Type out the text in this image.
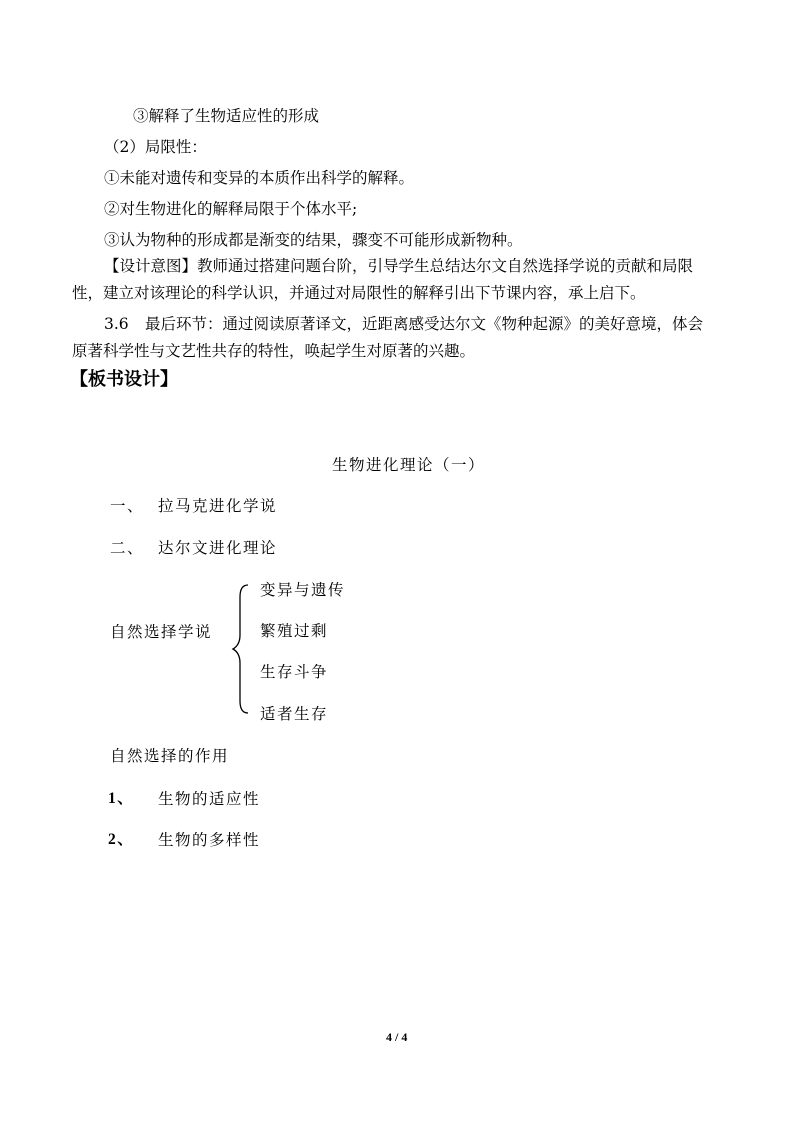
③解释了生物适应性的形成
（2）局限性：
①未能对遗传和变异的本质作出科学的解释。
②对生物进化的解释局限于个体水平;
③认为物种的形成都是渐变的结果，骤变不可能形成新物种。
【设计意图】教师通过搭建问题台阶，引导学生总结达尔文自然选择学说的贡献和局限
性，建立对该理论的科学认识，并通过对局限性的解释引出下节课内容，承上启下。
3.6 最后环节：通过阅读原著译文，近距离感受达尔文《物种起源》的美好意境，体会
原著科学性与文艺性共存的特性，唤起学生对原著的兴趣。
【板书设计】
生物进化理论（一）
一、 拉马克进化学说
二、 达尔文进化理论
自然选择学说
变异与遗传
繁殖过剩
生存斗争
适者生存
自然选择的作用
1、 生物的适应性
2、 生物的多样性
4 / 4
